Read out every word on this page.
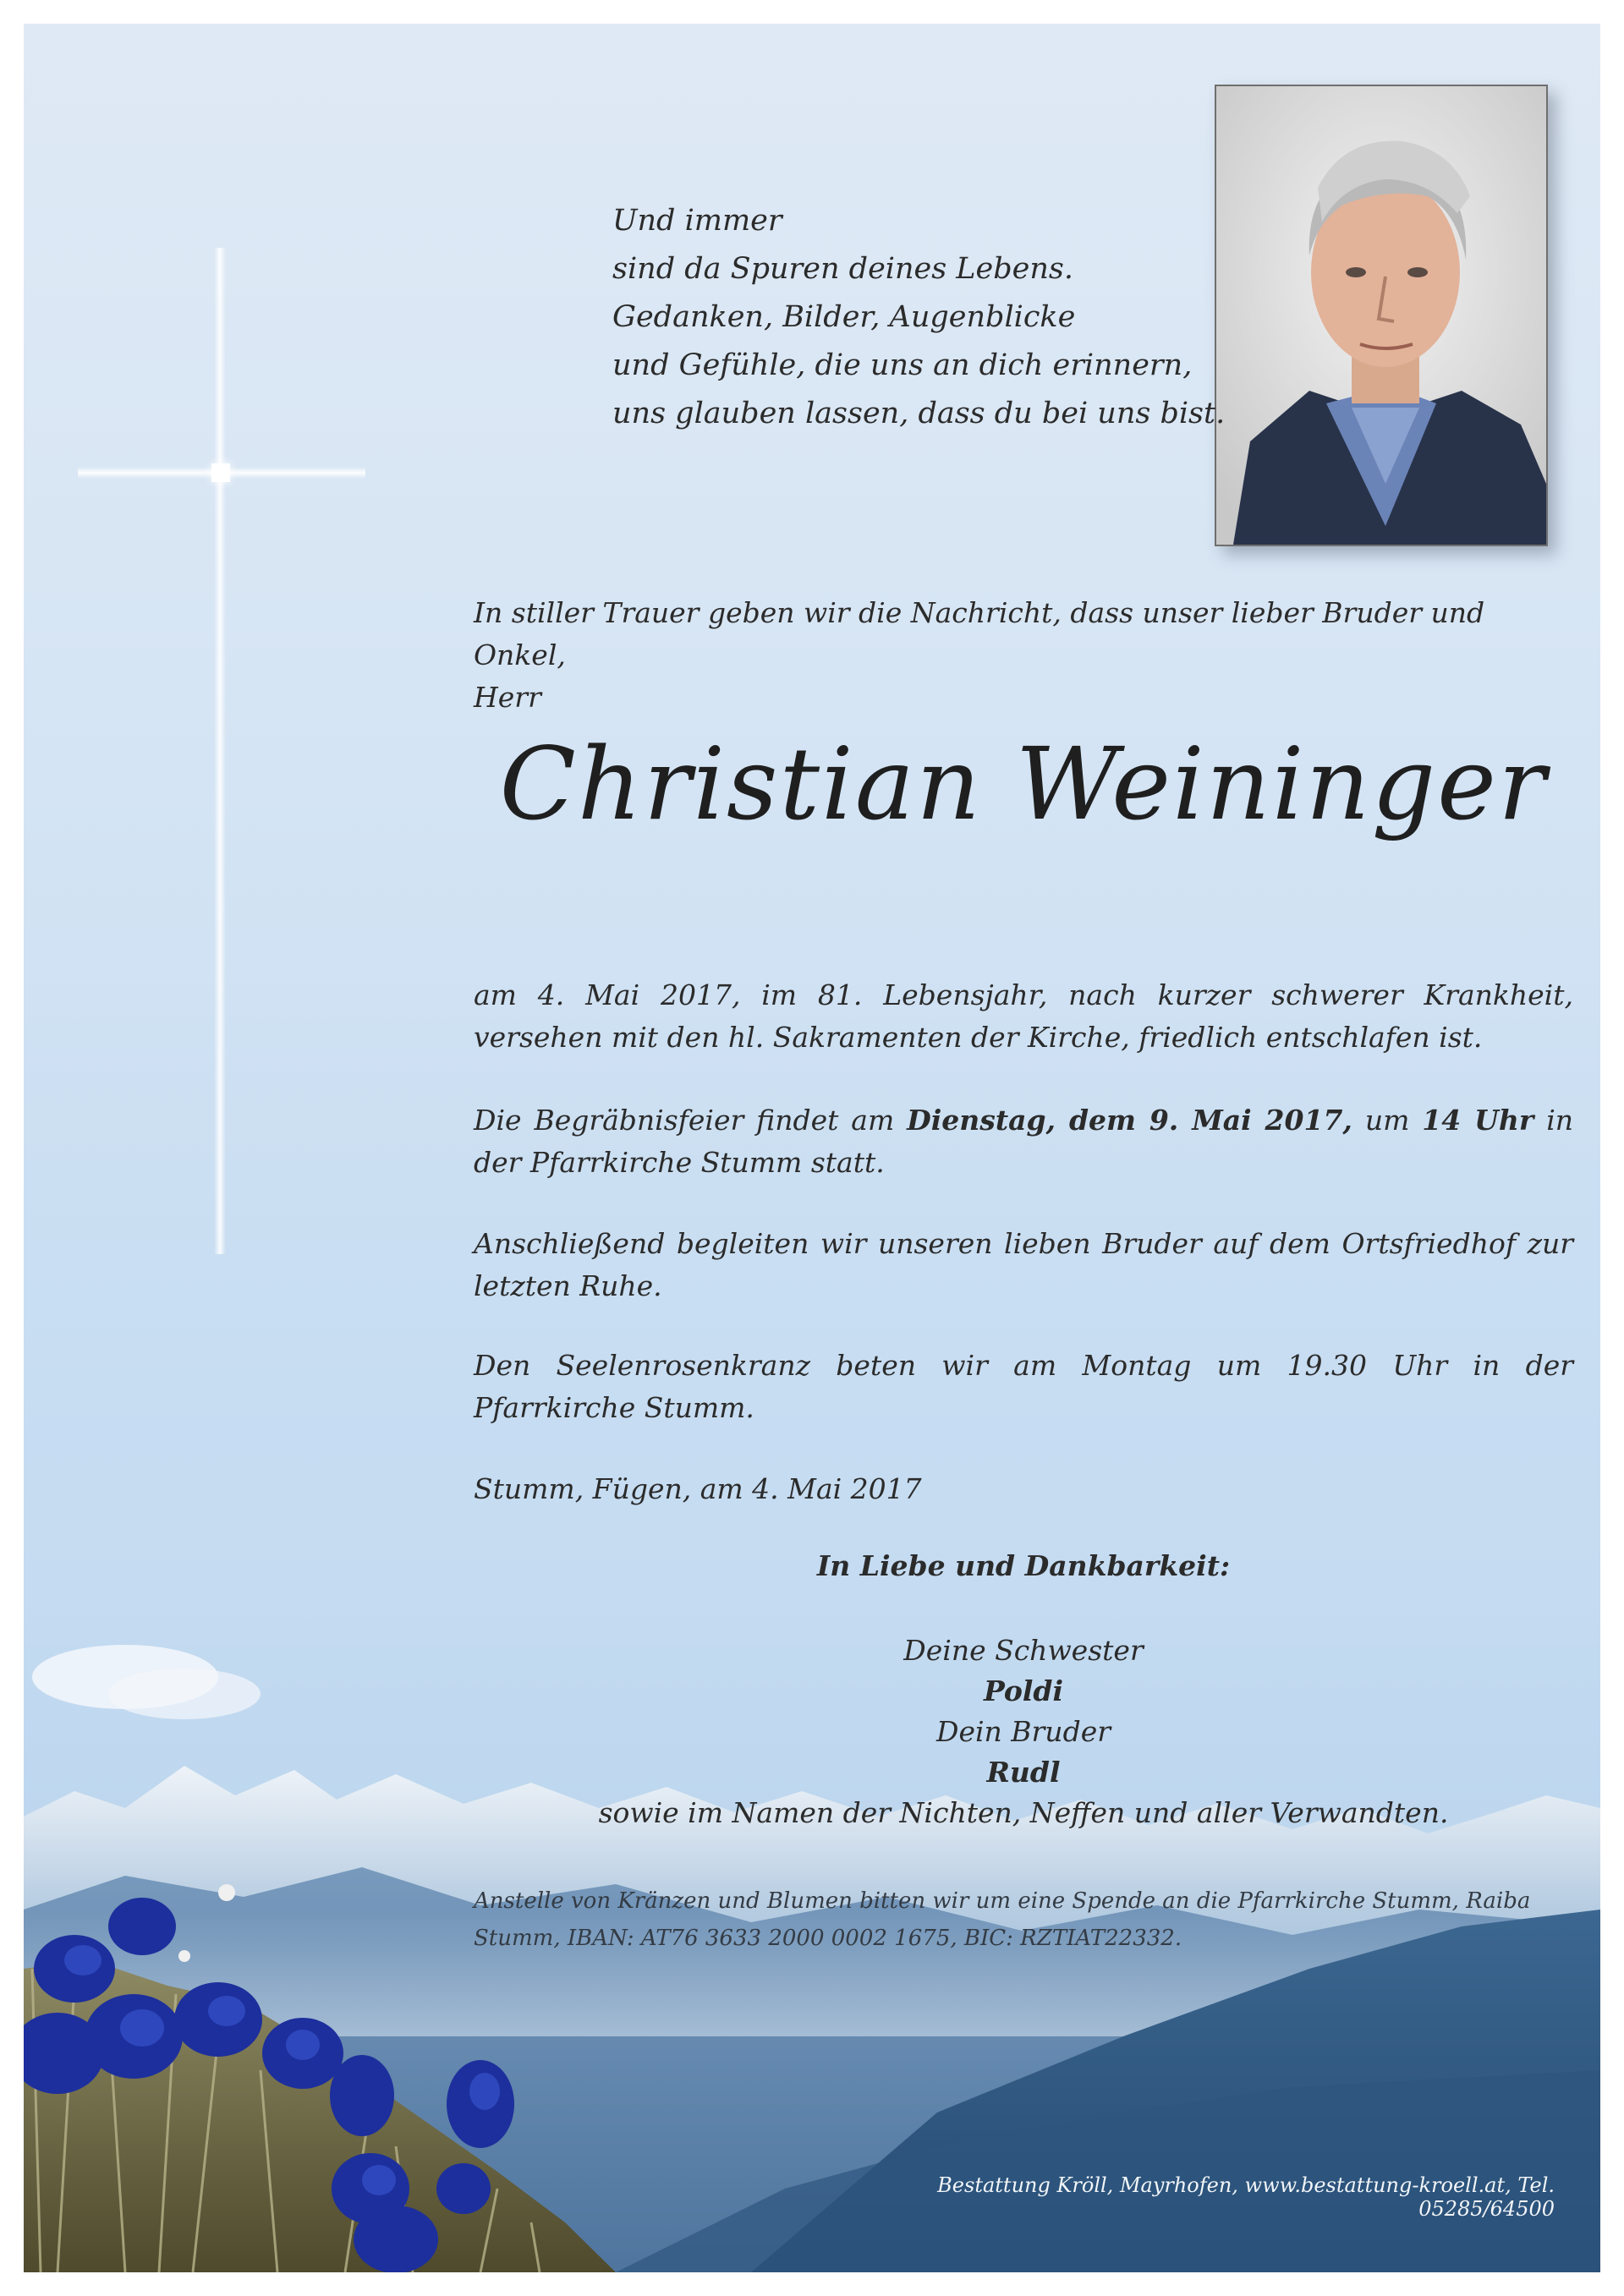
Und immer
sind da Spuren deines Lebens.
Gedanken, Bilder, Augenblicke
und Gefühle, die uns an dich erinnern,
uns glauben lassen, dass du bei uns bist.
In stiller Trauer geben wir die Nachricht, dass unser lieber Bruder und Onkel,
Herr
Christian Weininger
am 4. Mai 2017, im 81. Lebensjahr, nach kurzer schwerer Krankheit, versehen mit den hl. Sakramenten der Kirche, friedlich entschlafen ist.
Die Begräbnisfeier findet am Dienstag, dem 9. Mai 2017, um 14 Uhr in der Pfarrkirche Stumm statt.
Anschließend begleiten wir unseren lieben Bruder auf dem Ortsfriedhof zur letzten Ruhe.
Den Seelenrosenkranz beten wir am Montag um 19.30 Uhr in der Pfarrkirche Stumm.
Stumm, Fügen, am 4. Mai 2017
In Liebe und Dankbarkeit:
Deine Schwester
Poldi
Dein Bruder
Rudl
sowie im Namen der Nichten, Neffen und aller Verwandten.
Anstelle von Kränzen und Blumen bitten wir um eine Spende an die Pfarrkirche Stumm, Raiba Stumm, IBAN: AT76 3633 2000 0002 1675, BIC: RZTIAT22332.
Bestattung Kröll, Mayrhofen, www.bestattung-kroell.at, Tel. 05285/64500
